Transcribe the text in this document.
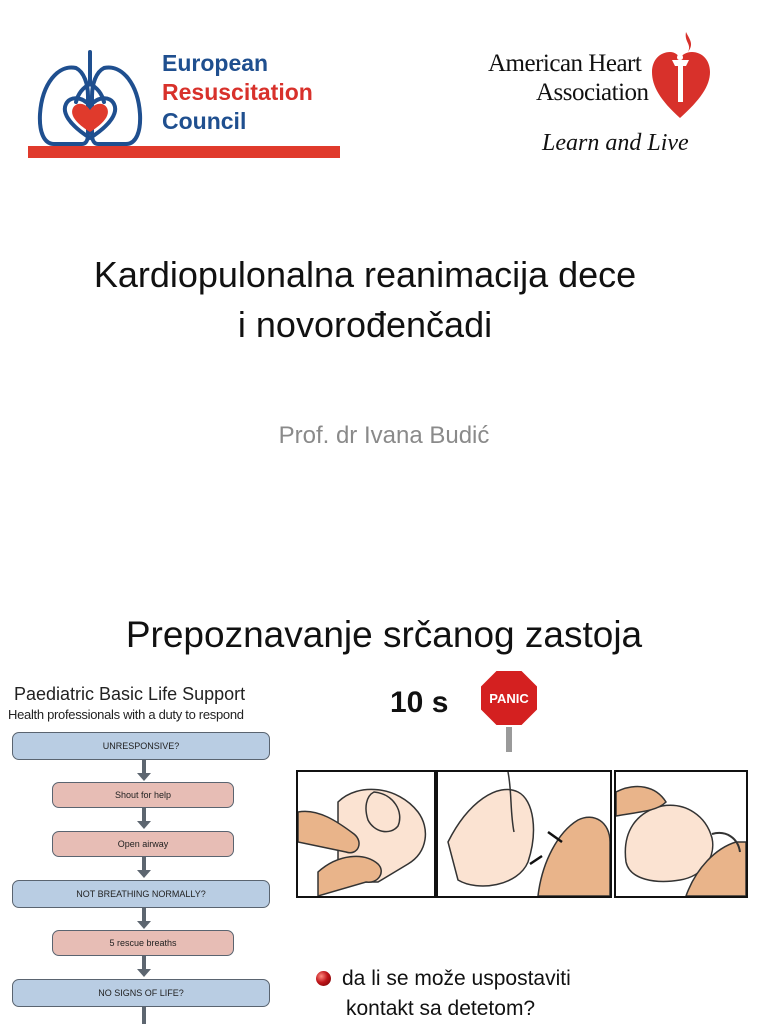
European
Resuscitation
Council
American Heart
Association
Learn and Live
Kardiopulonalna reanimacija dece
i novorođenčadi
Prof. dr Ivana Budić
Prepoznavanje srčanog zastoja
Paediatric Basic Life Support
Health professionals with a duty to respond
UNRESPONSIVE?
Shout for help
Open airway
NOT BREATHING NORMALLY?
5 rescue breaths
NO SIGNS OF LIFE?
10 s	PANIC
da li se može uspostaviti
kontakt sa detetom?
